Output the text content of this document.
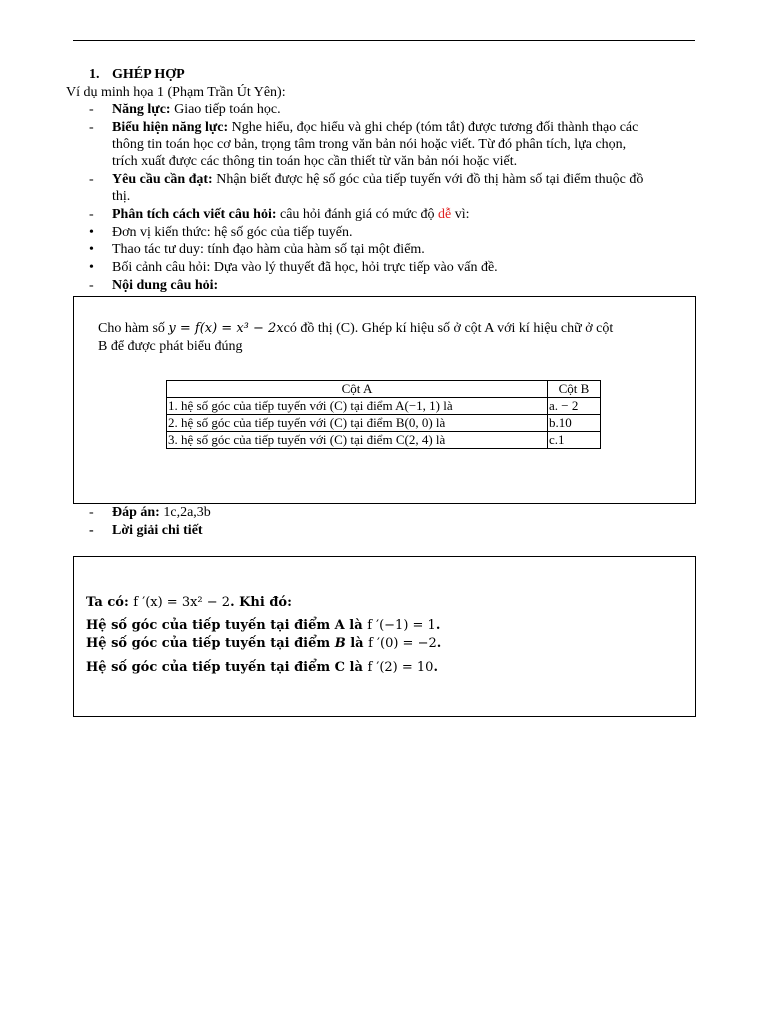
1. GHÉP HỢP
Ví dụ minh họa 1 (Phạm Trần Út Yên):
- Năng lực: Giao tiếp toán học.
- Biểu hiện năng lực: Nghe hiểu, đọc hiểu và ghi chép (tóm tắt) được tương đối thành thạo các
thông tin toán học cơ bản, trọng tâm trong văn bản nói hoặc viết. Từ đó phân tích, lựa chọn,
trích xuất được các thông tin toán học cần thiết từ văn bản nói hoặc viết.
- Yêu cầu cần đạt: Nhận biết được hệ số góc của tiếp tuyến với đồ thị hàm số tại điểm thuộc đồ
thị.
- Phân tích cách viết câu hỏi: câu hỏi đánh giá có mức độ dễ vì:
• Đơn vị kiến thức: hệ số góc của tiếp tuyến.
• Thao tác tư duy: tính đạo hàm của hàm số tại một điểm.
• Bối cảnh câu hỏi: Dựa vào lý thuyết đã học, hỏi trực tiếp vào vấn đề.
- Nội dung câu hỏi:
Cho hàm số y = f(x) = x³ − 2xcó đồ thị (C). Ghép kí hiệu số ở cột A với kí hiệu chữ ở cột
B để được phát biểu đúng
Cột A	Cột B
1. hệ số góc của tiếp tuyến với (C) tại điểm A(−1, 1) là	a. − 2
2. hệ số góc của tiếp tuyến với (C) tại điểm B(0, 0) là	b.10
3. hệ số góc của tiếp tuyến với (C) tại điểm C(2, 4) là	c.1
- Đáp án: 1c,2a,3b
- Lời giải chi tiết
Ta có: f ′(x) = 3x² − 2. Khi đó:
Hệ số góc của tiếp tuyến tại điểm A là f ′(−1) = 1.
Hệ số góc của tiếp tuyến tại điểm B là f ′(0) = −2.
Hệ số góc của tiếp tuyến tại điểm C là f ′(2) = 10.
